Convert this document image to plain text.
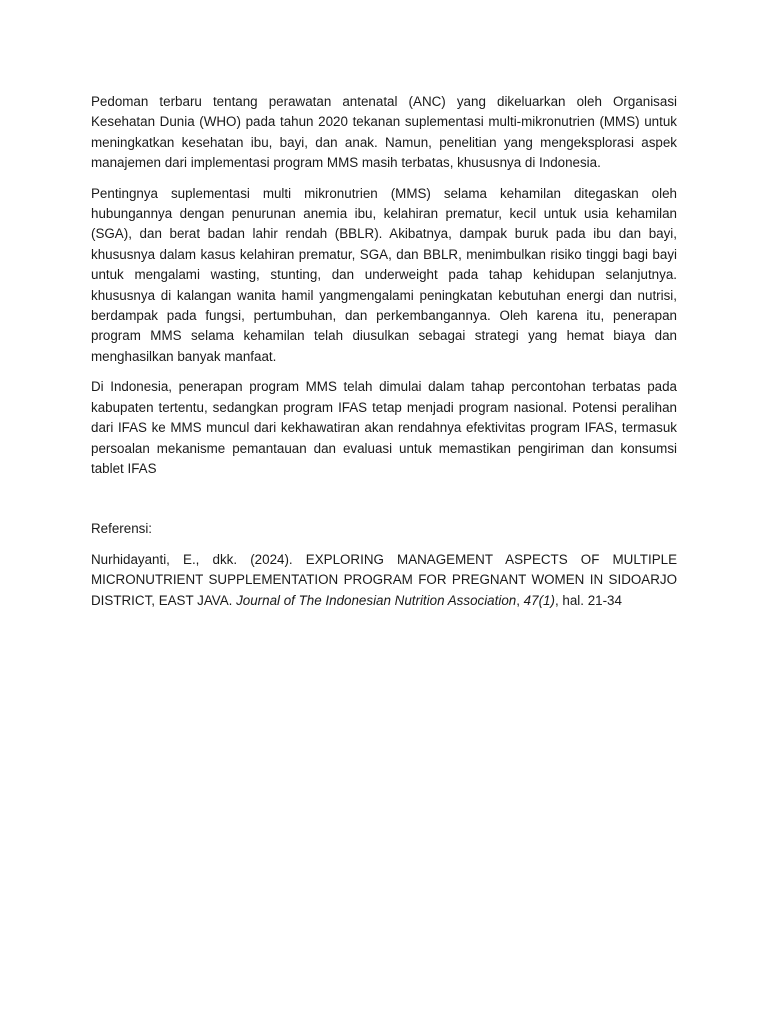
Pedoman terbaru tentang perawatan antenatal (ANC) yang dikeluarkan oleh Organisasi Kesehatan Dunia (WHO) pada tahun 2020 tekanan suplementasi multi-mikronutrien (MMS) untuk meningkatkan kesehatan ibu, bayi, dan anak. Namun, penelitian yang mengeksplorasi aspek manajemen dari implementasi program MMS masih terbatas, khususnya di Indonesia.

Pentingnya suplementasi multi mikronutrien (MMS) selama kehamilan ditegaskan oleh hubungannya dengan penurunan anemia ibu, kelahiran prematur, kecil untuk usia kehamilan (SGA), dan berat badan lahir rendah (BBLR). Akibatnya, dampak buruk pada ibu dan bayi, khususnya dalam kasus kelahiran prematur, SGA, dan BBLR, menimbulkan risiko tinggi bagi bayi untuk mengalami wasting, stunting, dan underweight pada tahap kehidupan selanjutnya. khususnya di kalangan wanita hamil yangmengalami peningkatan kebutuhan energi dan nutrisi, berdampak pada fungsi, pertumbuhan, dan perkembangannya. Oleh karena itu, penerapan program MMS selama kehamilan telah diusulkan sebagai strategi yang hemat biaya dan menghasilkan banyak manfaat.

Di Indonesia, penerapan program MMS telah dimulai dalam tahap percontohan terbatas pada kabupaten tertentu, sedangkan program IFAS tetap menjadi program nasional. Potensi peralihan dari IFAS ke MMS muncul dari kekhawatiran akan rendahnya efektivitas program IFAS, termasuk persoalan mekanisme pemantauan dan evaluasi untuk memastikan pengiriman dan konsumsi tablet IFAS

Referensi:

Nurhidayanti, E., dkk. (2024). EXPLORING MANAGEMENT ASPECTS OF MULTIPLE MICRONUTRIENT SUPPLEMENTATION PROGRAM FOR PREGNANT WOMEN IN SIDOARJO DISTRICT, EAST JAVA. Journal of The Indonesian Nutrition Association, 47(1), hal. 21-34
